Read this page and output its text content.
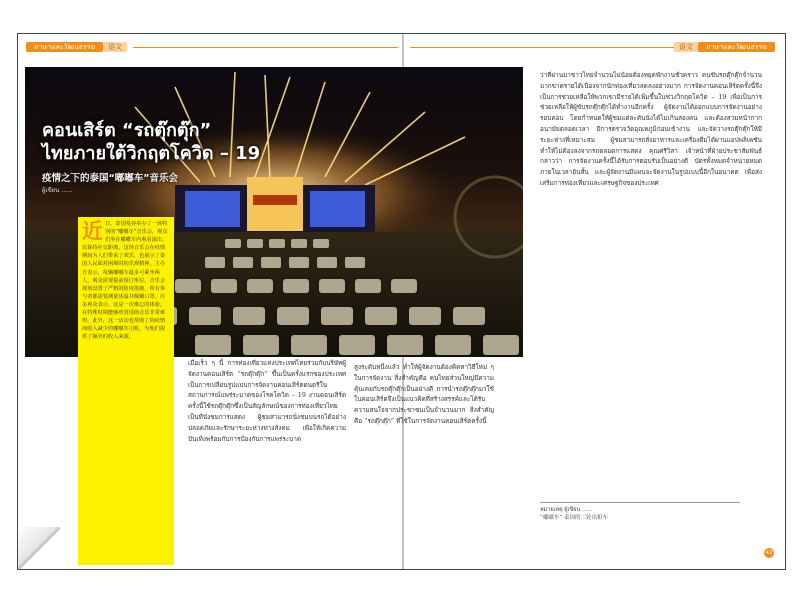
ภาษาและวัฒนธรรม	语文	语文	ภาษาและวัฒนธรรม
คอนเสิร์ต “รถตุ๊กตุ๊ก”
ไทยภายใต้วิกฤตโควิด – 19
疫情之下的泰国“嘟嘟车”音乐会
ผู้เขียน ......
近 日，泰国曼谷举办了一场特别的“嘟嘟车”音乐会，观众们坐在嘟嘟车内观看演出，以保持社交距离。这场音乐会在疫情期间为人们带来了欢乐，也展示了泰国人民面对困境时的乐观精神。主办方表示，每辆嘟嘟车最多可乘坐两人，观众需要提前预订座位。音乐会现场设置了严格的防疫措施，所有参与者都需要测量体温并佩戴口罩。许多观众表示，这是一次难忘的体验，在特殊时期能够欣赏现场音乐非常难得。此外，这一活动也帮助了因疫情而收入减少的嘟嘟车司机，为他们提供了额外的收入来源。
เมื่อเร็ว ๆ นี้ การท่องเที่ยวแห่งประเทศไทยร่วมกับบริษัทผู้จัดงานคอนเสิร์ต “รถตุ๊กตุ๊ก” ขึ้นเป็นครั้งแรกของประเทศ เป็นการเปลี่ยนรูปแบบการจัดงานคอนเสิร์ตดนตรีในสถานการณ์แพร่ระบาดของโรคโควิด – 19 งานคอนเสิร์ตครั้งนี้ใช้รถตุ๊กตุ๊กซึ่งเป็นสัญลักษณ์ของการท่องเที่ยวไทยเป็นที่นั่งชมการแสดง ผู้ชมสามารถนั่งชมบนรถได้อย่างปลอดภัยและรักษาระยะห่างทางสังคม เพื่อให้เกิดความบันเทิงพร้อมกับการป้องกันการแพร่ระบาด
สูงระดับหนึ่งแล้ว ทำให้ผู้จัดงานต้องคิดหาวิธีใหม่ ๆ ในการจัดงาน สิ่งสำคัญคือ คนไทยส่วนใหญ่มีความคุ้นเคยกับรถตุ๊กตุ๊กเป็นอย่างดี การนำรถตุ๊กตุ๊กมาใช้ในคอนเสิร์ตจึงเป็นแนวคิดที่สร้างสรรค์และได้รับความสนใจจากประชาชนเป็นจำนวนมาก สิ่งสำคัญคือ “รถตุ๊กตุ๊ก” ที่ใช้ในการจัดงานคอนเสิร์ตครั้งนี้
ว่าที่ผ่านมาชาวไทยจำนวนไม่น้อยต้องหยุดพักงานชั่วคราว คนขับรถตุ๊กตุ๊กจำนวนมากขาดรายได้เนื่องจากนักท่องเที่ยวลดลงอย่างมาก การจัดงานคอนเสิร์ตครั้งนี้จึงเป็นการช่วยเหลือให้พวกเขามีรายได้เพิ่มขึ้นในช่วงวิกฤตโควิด – 19 เพื่อเป็นการช่วยเหลือให้ผู้ขับรถตุ๊กตุ๊กได้ทำงานอีกครั้ง ผู้จัดงานได้ออกแบบการจัดงานอย่างรอบคอบ โดยกำหนดให้ผู้ชมแต่ละคันนั่งได้ไม่เกินสองคน และต้องสวมหน้ากากอนามัยตลอดเวลา มีการตรวจวัดอุณหภูมิก่อนเข้างาน และจัดวางรถตุ๊กตุ๊กให้มีระยะห่างที่เหมาะสม ผู้ชมสามารถสั่งอาหารและเครื่องดื่มได้ผ่านแอปพลิเคชัน ทำให้ไม่ต้องลงจากรถตลอดการแสดง คุณศรีวิสา เจ้าหน้าที่ฝ่ายประชาสัมพันธ์กล่าวว่า การจัดงานครั้งนี้ได้รับการตอบรับเป็นอย่างดี บัตรทั้งหมดจำหน่ายหมดภายในเวลาอันสั้น และผู้จัดงานมีแผนจะจัดงานในรูปแบบนี้อีกในอนาคต เพื่อส่งเสริมการท่องเที่ยวและเศรษฐกิจของประเทศ
หมายเหตุ ผู้เขียน ......
“嘟嘟车” 泰国的三轮出租车
42
